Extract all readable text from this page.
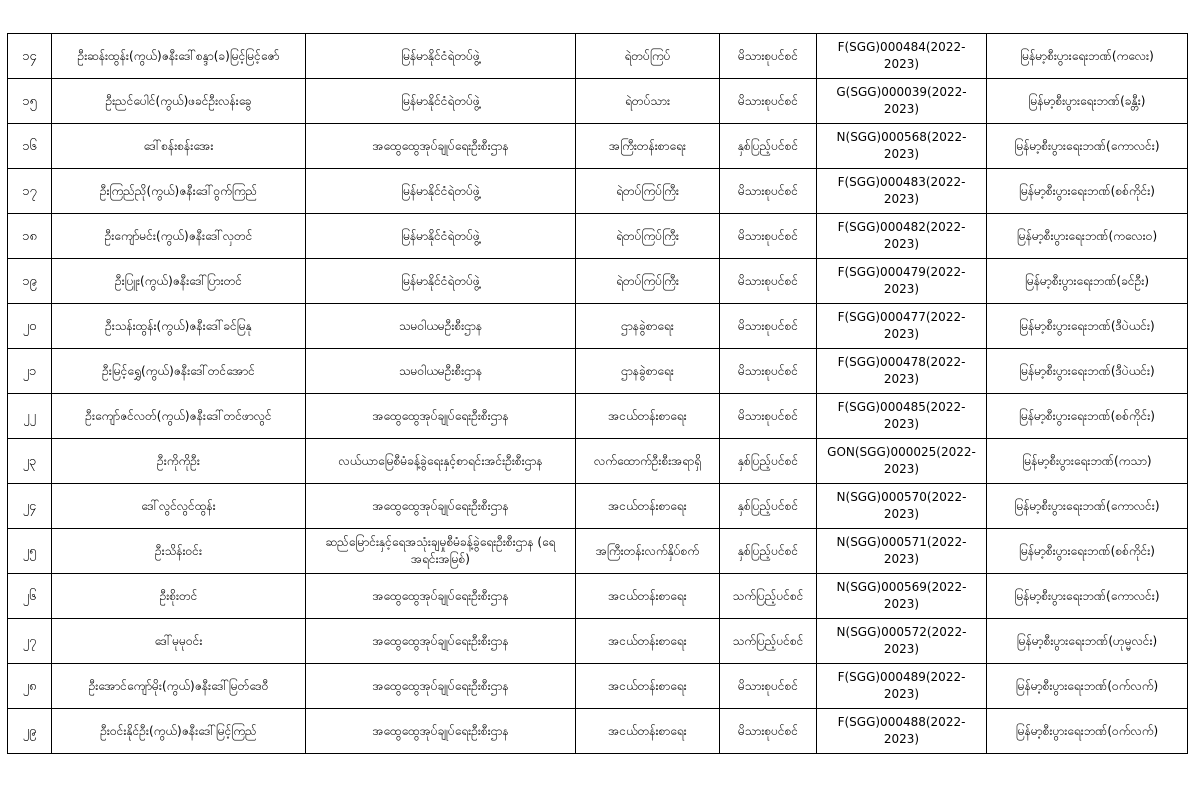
၁၄	ဦးဆန်းထွန်း(ကွယ်)ဇနီးဒေါ်စန္ဒာ(ခ)မြင့်မြင့်ဇော်	မြန်မာနိုင်ငံရဲတပ်ဖွဲ့	ရဲတပ်ကြပ်	မိသားစုပင်စင်	F(SGG)000484(2022-2023)	မြန်မာ့စီးပွားရေးဘဏ်(ကလေး)
၁၅	ဦးညင်ပေါင်(ကွယ်)ဖခင်ဦးလန်းခွေ	မြန်မာနိုင်ငံရဲတပ်ဖွဲ့	ရဲတပ်သား	မိသားစုပင်စင်	G(SGG)000039(2022-2023)	မြန်မာ့စီးပွားရေးဘဏ်(ခန္တီး)
၁၆	ဒေါ်စန်းစန်းအေး	အထွေထွေအုပ်ချုပ်ရေးဦးစီးဌာန	အကြီးတန်းစာရေး	နှစ်ပြည့်ပင်စင်	N(SGG)000568(2022-2023)	မြန်မာ့စီးပွားရေးဘဏ်(ကောလင်း)
၁၇	ဦးကြည်ညို(ကွယ်)ဇနီးဒေါ်ဝွက်ကြည်	မြန်မာနိုင်ငံရဲတပ်ဖွဲ့	ရဲတပ်ကြပ်ကြီး	မိသားစုပင်စင်	F(SGG)000483(2022-2023)	မြန်မာ့စီးပွားရေးဘဏ်(စစ်ကိုင်း)
၁၈	ဦးကျော်မင်း(ကွယ်)ဇနီးဒေါ်လှတင်	မြန်မာနိုင်ငံရဲတပ်ဖွဲ့	ရဲတပ်ကြပ်ကြီး	မိသားစုပင်စင်	F(SGG)000482(2022-2023)	မြန်မာ့စီးပွားရေးဘဏ်(ကလေးဝ)
၁၉	ဦးပြူး(ကွယ်)ဇနီးဒေါ်ပြားတင်	မြန်မာနိုင်ငံရဲတပ်ဖွဲ့	ရဲတပ်ကြပ်ကြီး	မိသားစုပင်စင်	F(SGG)000479(2022-2023)	မြန်မာ့စီးပွားရေးဘဏ်(ခင်ဦး)
၂၀	ဦးသန်းထွန်း(ကွယ်)ဇနီးဒေါ်ခင်မြနု	သမဝါယမဦးစီးဌာန	ဌာနခွဲစာရေး	မိသားစုပင်စင်	F(SGG)000477(2022-2023)	မြန်မာ့စီးပွားရေးဘဏ်(ဒီပဲယင်း)
၂၁	ဦးမြင့်ရွှေ(ကွယ်)ဇနီးဒေါ်တင်အောင်	သမဝါယမဦးစီးဌာန	ဌာနခွဲစာရေး	မိသားစုပင်စင်	F(SGG)000478(2022-2023)	မြန်မာ့စီးပွားရေးဘဏ်(ဒီပဲယင်း)
၂၂	ဦးကျော်ဇင်လတ်(ကွယ်)ဇနီးဒေါ်တင်ဖာလွင်	အထွေထွေအုပ်ချုပ်ရေးဦးစီးဌာန	အငယ်တန်းစာရေး	မိသားစုပင်စင်	F(SGG)000485(2022-2023)	မြန်မာ့စီးပွားရေးဘဏ်(စစ်ကိုင်း)
၂၃	ဦးကိုကိုဦး	လယ်ယာမြေစီမံခန့်ခွဲရေးနှင့်စာရင်းအင်းဦးစီးဌာန	လက်ထောက်ဦးစီးအရာရှိ	နှစ်ပြည့်ပင်စင်	GON(SGG)000025(2022-2023)	မြန်မာ့စီးပွားရေးဘဏ်(ကသာ)
၂၄	ဒေါ်လွင်လွင်ထွန်း	အထွေထွေအုပ်ချုပ်ရေးဦးစီးဌာန	အငယ်တန်းစာရေး	နှစ်ပြည့်ပင်စင်	N(SGG)000570(2022-2023)	မြန်မာ့စီးပွားရေးဘဏ်(ကောလင်း)
၂၅	ဦးသိန်းဝင်း	ဆည်မြောင်းနှင့်ရေအသုံးချမှုစီမံခန့်ခွဲရေးဦးစီးဌာန (ရေအရင်းအမြစ်)	အကြီးတန်းလက်နှိပ်စက်	နှစ်ပြည့်ပင်စင်	N(SGG)000571(2022-2023)	မြန်မာ့စီးပွားရေးဘဏ်(စစ်ကိုင်း)
၂၆	ဦးစိုးတင်	အထွေထွေအုပ်ချုပ်ရေးဦးစီးဌာန	အငယ်တန်းစာရေး	သက်ပြည့်ပင်စင်	N(SGG)000569(2022-2023)	မြန်မာ့စီးပွားရေးဘဏ်(ကောလင်း)
၂၇	ဒေါ်မုမုဝင်း	အထွေထွေအုပ်ချုပ်ရေးဦးစီးဌာန	အငယ်တန်းစာရေး	သက်ပြည့်ပင်စင်	N(SGG)000572(2022-2023)	မြန်မာ့စီးပွားရေးဘဏ်(ဟုမ္မလင်း)
၂၈	ဦးအောင်ကျော်မိုး(ကွယ်)ဇနီးဒေါ်မြတ်ဒေဝီ	အထွေထွေအုပ်ချုပ်ရေးဦးစီးဌာန	အငယ်တန်းစာရေး	မိသားစုပင်စင်	F(SGG)000489(2022-2023)	မြန်မာ့စီးပွားရေးဘဏ်(ဝက်လက်)
၂၉	ဦးဝင်းနိုင်ဦး(ကွယ်)ဇနီးဒေါ်မြင့်ကြည်	အထွေထွေအုပ်ချုပ်ရေးဦးစီးဌာန	အငယ်တန်းစာရေး	မိသားစုပင်စင်	F(SGG)000488(2022-2023)	မြန်မာ့စီးပွားရေးဘဏ်(ဝက်လက်)
